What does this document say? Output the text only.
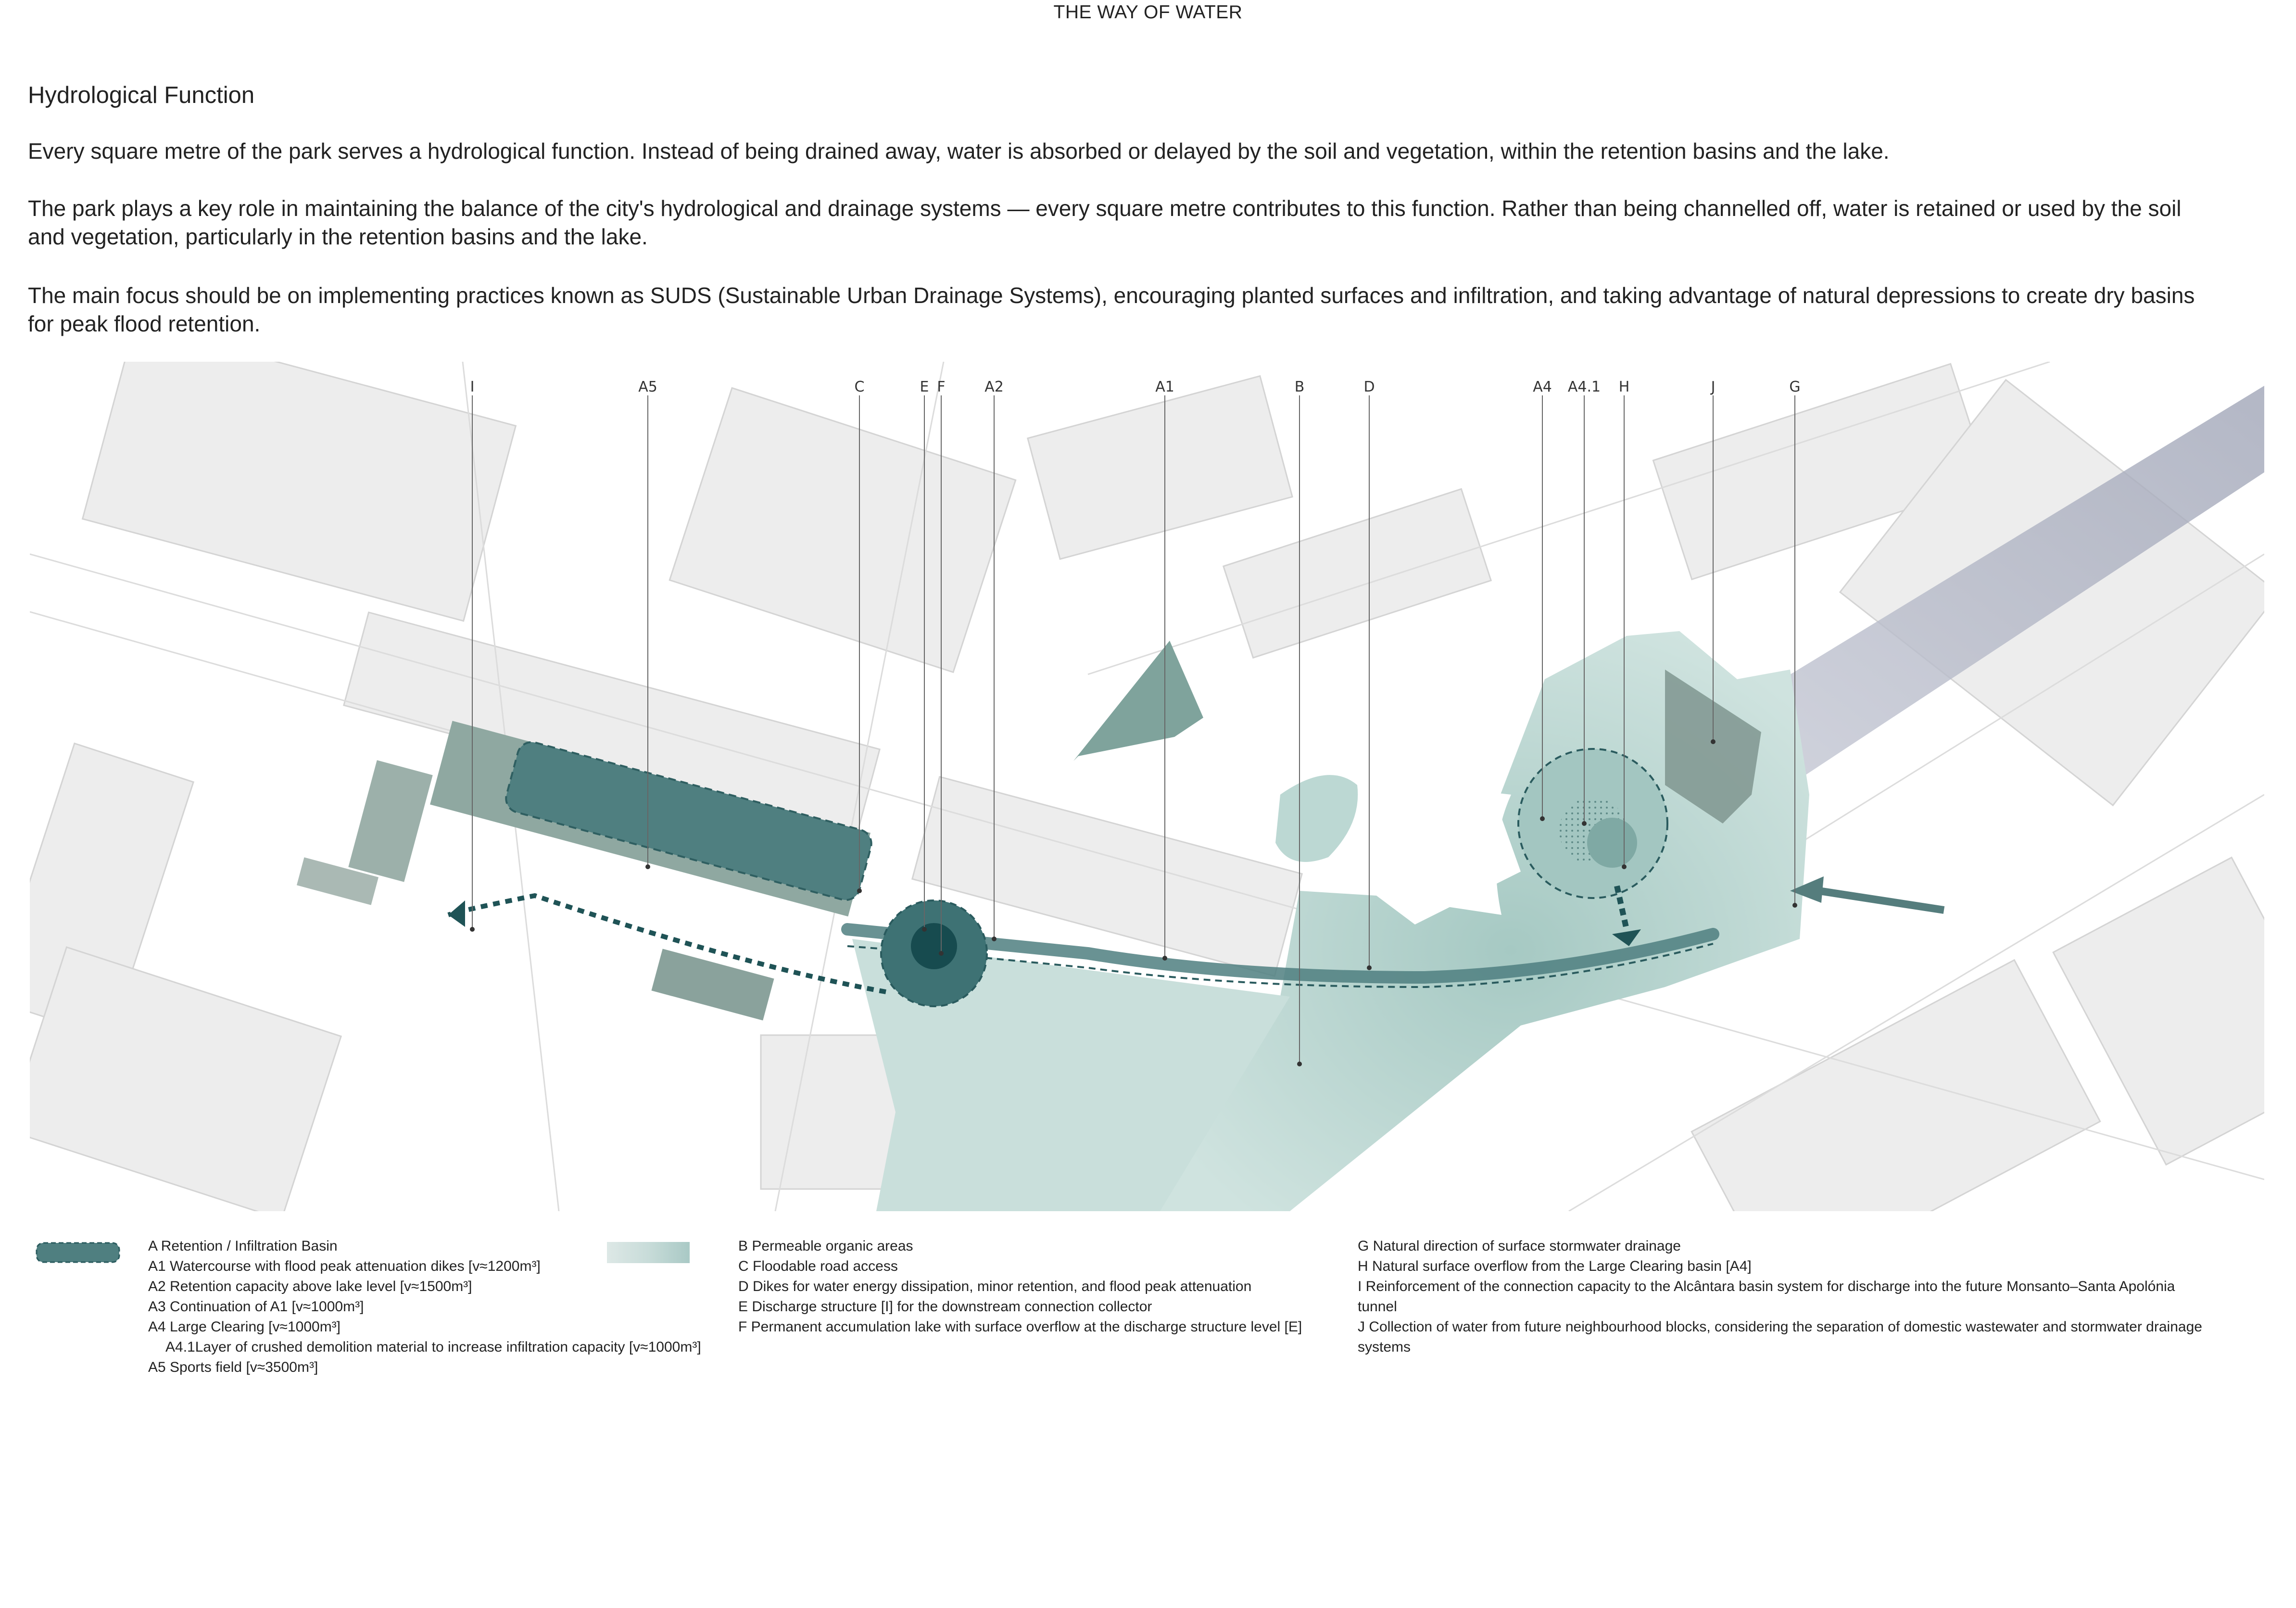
THE WAY OF WATER
Hydrological Function
Every square metre of the park serves a hydrological function. Instead of being drained away, water is absorbed or delayed by the soil and vegetation, within the retention basins and the lake.
The park plays a key role in maintaining the balance of the city's hydrological and drainage systems — every square metre contributes to this function. Rather than being channelled off, water is retained or used by the soil and vegetation, particularly in the retention basins and the lake.
The main focus should be on implementing practices known as SUDS (Sustainable Urban Drainage Systems), encouraging planted surfaces and infiltration, and taking advantage of natural depressions to create dry basins for peak flood retention.
I	A5	C	E F	A2	A1	B	D	A4 A4.1 H	J	G
A Retention / Infiltration Basin
A1 Watercourse with flood peak attenuation dikes [v≈1200m³]
A2 Retention capacity above lake level [v≈1500m³]
A3 Continuation of A1 [v≈1000m³]
A4 Large Clearing [v≈1000m³]
A4.1Layer of crushed demolition material to increase infiltration capacity [v≈1000m³]
A5 Sports field [v≈3500m³]
B Permeable organic areas
C Floodable road access
D Dikes for water energy dissipation, minor retention, and flood peak attenuation
E Discharge structure [I] for the downstream connection collector
F Permanent accumulation lake with surface overflow at the discharge structure level [E]
G Natural direction of surface stormwater drainage
H Natural surface overflow from the Large Clearing basin [A4]
I Reinforcement of the connection capacity to the Alcântara basin system for discharge into the future Monsanto–Santa Apolónia tunnel
J Collection of water from future neighbourhood blocks, considering the separation of domestic wastewater and stormwater drainage systems
